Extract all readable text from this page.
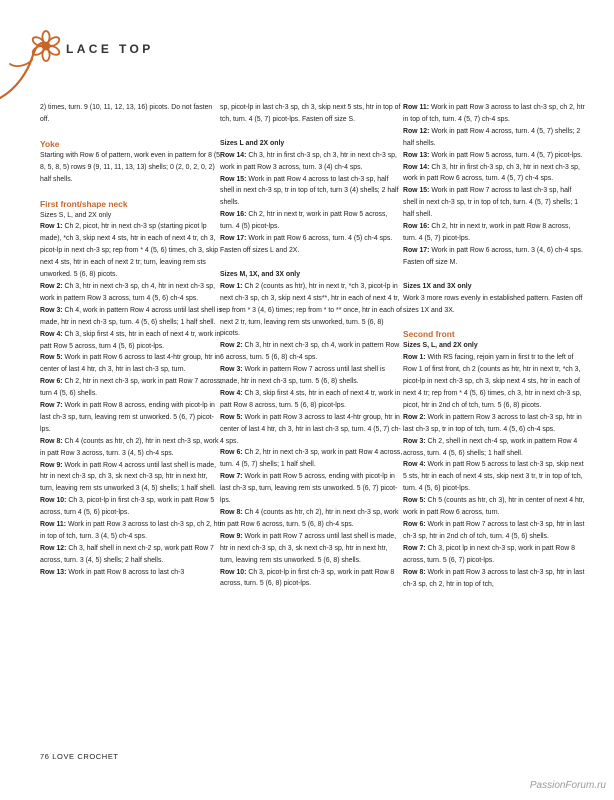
LACE TOP

2) times, turn. 9 (10, 11, 12, 13, 16) picots. Do not fasten off.

Yoke

Starting with Row 6 of pattern, work even in pattern for 8 (5, 8, 5, 8, 5) rows 9 (9, 11, 11, 13, 13) shells; 0 (2, 0, 2, 0, 2) half shells.

First front/shape neck

Sizes S, L, and 2X only

Row 1: Ch 2, picot, htr in next ch-3 sp (starting picot lp made), *ch 3, skip next 4 sts, htr in each of next 4 tr, ch 3, picot-lp in next ch-3 sp; rep from * 4 (5, 6) times, ch 3, skip next 4 sts, htr in each of next 2 tr; turn, leaving rem sts unworked. 5 (6, 8) picots.

Row 2: Ch 3, htr in next ch-3 sp, ch 4, htr in next ch-3 sp, work in pattern Row 3 across, turn 4 (5, 6) ch-4 sps.

Row 3: Ch 4, work in pattern Row 4 across until last shell is made, htr in next ch-3 sp, turn. 4 (5, 6) shells; 1 half shell.

Row 4: Ch 3, skip first 4 sts, htr in each of next 4 tr, work in patt Row 5 across, turn 4 (5, 6) picot-lps.

Row 5: Work in patt Row 6 across to last 4-htr group, htr in center of last 4 htr, ch 3, htr in last ch-3 sp, turn.

Row 6: Ch 2, htr in next ch-3 sp, work in patt Row 7 across, turn 4 (5, 6) shells.

Row 7: Work in patt Row 8 across, ending with picot-lp in last ch-3 sp, turn, leaving rem st unworked. 5 (6, 7) picot-lps.

Row 8: Ch 4 (counts as htr, ch 2), htr in next ch-3 sp, work in patt Row 3 across, turn. 3 (4, 5) ch-4 sps.

Row 9: Work in patt Row 4 across until last shell is made, htr in next ch-3 sp, ch 3, sk next ch-3 sp, htr in next htr, turn, leaving rem sts unworked 3 (4, 5) shells; 1 half shell.

Row 10: Ch 3, picot-lp in first ch-3 sp, work in patt Row 5 across, turn 4 (5, 6) picot-lps.

Row 11: Work in patt Row 3 across to last ch-3 sp, ch 2, htr in top of tch, turn. 3 (4, 5) ch-4 sps.

Row 12: Ch 3, half shell in next ch-2 sp, work patt Row 7 across, turn. 3 (4, 5) shells; 2 half shells.

Row 13: Work in patt Row 8 across to last ch-3

sp, picot-lp in last ch-3 sp, ch 3, skip next 5 sts, htr in top of tch, turn. 4 (5, 7) picot-lps. Fasten off size S.

Sizes L and 2X only

Row 14: Ch 3, htr in first ch-3 sp, ch 3, htr in next ch-3 sp, work in patt Row 3 across, turn. 3 (4) ch-4 sps.

Row 15: Work in patt Row 4 across to last ch-3 sp, half shell in next ch-3 sp, tr in top of tch, turn 3 (4) shells; 2 half shells.

Row 16: Ch 2, htr in next tr, work in patt Row 5 across, turn. 4 (5) picot-lps.

Row 17: Work in patt Row 6 across, turn. 4 (5) ch-4 sps. Fasten off sizes L and 2X.

Sizes M, 1X, and 3X only

Row 1: Ch 2 (counts as htr), htr in next tr, *ch 3, picot-lp in next ch-3 sp, ch 3, skip next 4 sts**, htr in each of next 4 tr, rep from * 3 (4, 6) times; rep from * to ** once, htr in each of next 2 tr, turn, leaving rem sts unworked, turn. 5 (6, 8) picots.

Row 2: Ch 3, htr in next ch-3 sp, ch 4, work in pattern Row 6 across, turn. 5 (6, 8) ch-4 sps.

Row 3: Work in pattern Row 7 across until last shell is made, htr in next ch-3 sp, turn. 5 (6, 8) shells.

Row 4: Ch 3, skip first 4 sts, htr in each of next 4 tr, work in patt Row 8 across, turn. 5 (6, 8) picot-lps.

Row 5: Work in patt Row 3 across to last 4-htr group, htr in center of last 4 htr, ch 3, htr in last ch-3 sp, turn. 4 (5, 7) ch-4 sps.

Row 6: Ch 2, htr in next ch-3 sp, work in patt Row 4 across, turn. 4 (5, 7) shells; 1 half shell.

Row 7: Work in patt Row 5 across, ending with picot-lp in last ch-3 sp, turn, leaving rem sts unworked. 5 (6, 7) picot-lps.

Row 8: Ch 4 (counts as htr, ch 2), htr in next ch-3 sp, work in patt Row 6 across, turn. 5 (6, 8) ch-4 sps.

Row 9: Work in patt Row 7 across until last shell is made, htr in next ch-3 sp, ch 3, sk next ch-3 sp, htr in next htr, turn, leaving rem sts unworked. 5 (6, 8) shells.

Row 10: Ch 3, picot-lp in first ch-3 sp, work in patt Row 8 across, turn. 5 (6, 8) picot-lps.

Row 11: Work in patt Row 3 across to last ch-3 sp, ch 2, htr in top of tch, turn. 4 (5, 7) ch-4 sps.

Row 12: Work in patt Row 4 across, turn. 4 (5, 7) shells; 2 half shells.

Row 13: Work in patt Row 5 across, turn. 4 (5, 7) picot-lps.

Row 14: Ch 3, htr in first ch-3 sp, ch 3, htr in next ch-3 sp, work in patt Row 6 across, turn. 4 (5, 7) ch-4 sps.

Row 15: Work in patt Row 7 across to last ch-3 sp, half shell in next ch-3 sp, tr in top of tch, turn. 4 (5, 7) shells; 1 half shell.

Row 16: Ch 2, htr in next tr, work in patt Row 8 across, turn. 4 (5, 7) picot-lps.

Row 17: Work in patt Row 6 across, turn. 3 (4, 6) ch-4 sps. Fasten off size M.

Sizes 1X and 3X only

Work 3 more rows evenly in established pattern. Fasten off sizes 1X and 3X.

Second front

Sizes S, L, and 2X only

Row 1: With RS facing, rejoin yarn in first tr to the left of Row 1 of first front, ch 2 (counts as htr, htr in next tr, *ch 3, picot-lp in next ch-3 sp, ch 3, skip next 4 sts, htr in each of next 4 tr; rep from * 4 (5, 6) times, ch 3, htr in next ch-3 sp, picot, htr in 2nd ch of tch, turn. 5 (6, 8) picots.

Row 2: Work in pattern Row 3 across to last ch-3 sp, htr in last ch-3 sp, tr in top of tch, turn. 4 (5, 6) ch-4 sps.

Row 3: Ch 2, shell in next ch-4 sp, work in pattern Row 4 across, turn. 4 (5, 6) shells; 1 half shell.

Row 4: Work in patt Row 5 across to last ch-3 sp, skip next 5 sts, htr in each of next 4 sts, skip next 3 tr, tr in top of tch, turn. 4 (5, 6) picot-lps.

Row 5: Ch 5 (counts as htr, ch 3), htr in center of next 4 htr, work in patt Row 6 across, turn.

Row 6: Work in patt Row 7 across to last ch-3 sp, htr in last ch-3 sp, htr in 2nd ch of tch, turn. 4 (5, 6) shells.

Row 7: Ch 3, picot lp in next ch-3 sp, work in patt Row 8 across, turn. 5 (6, 7) picot-lps.

Row 8: Work in patt Row 3 across to last ch-3 sp, htr in last ch-3 sp, ch 2, htr in top of tch,

76 LOVE CROCHET
PassionForum.ru
